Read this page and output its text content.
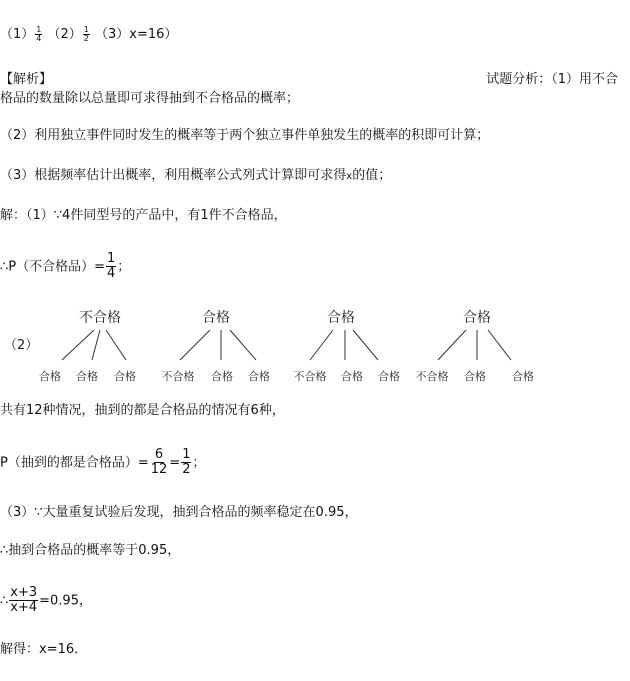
$(1) \frac{1}{4} (2) \frac{1}{2} (3)x=16$）
【解析】	试题分析：（1）用不合
格品的数量除以总量即可求得抽到不合格品的概率；
（2）利用独立事件同时发生的概率等于两个独立事件单独发生的概率的积即可计算；
（3）根据频率估计出概率，利用概率公式列式计算即可求得x的值；
解：（1）∵4件同型号的产品中，有1件不合格品，
∴P（不合格品）= $\frac{1}{4}$ ；
（2）
不合格
合格 合格 合格
合格
不合格 合格 合格
合格
不合格 合格 合格
合格
不合格 合格 合格
共有12种情况，抽到的都是合格品的情况有6种，
P（抽到的都是合格品）= $\frac{6}{12} = \frac{1}{2}$ ；
（3）∵大量重复试验后发现，抽到合格品的频率稳定在0.95，
∴抽到合格品的概率等于0.95，
∴ $\frac{x+3}{x+4} =0.95$，
解得：x=16．
